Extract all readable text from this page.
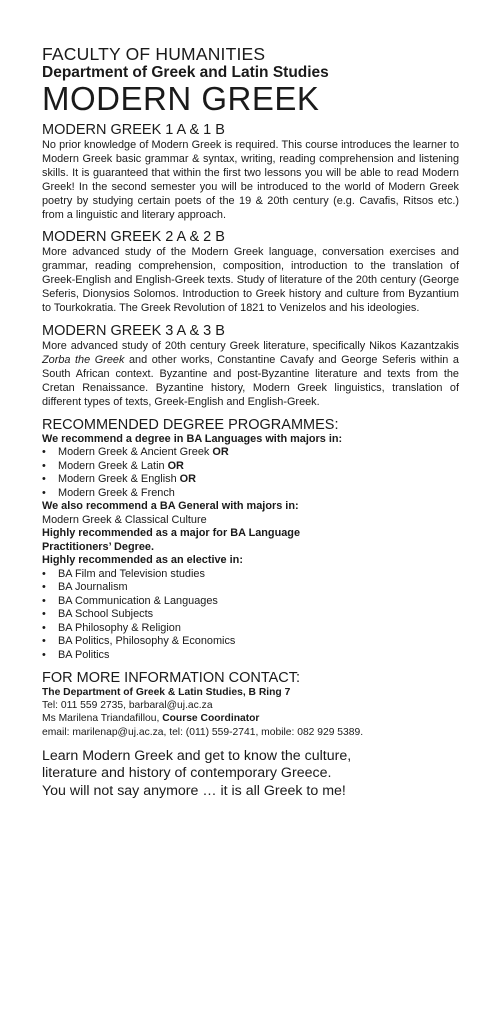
FACULTY OF HUMANITIES
Department of Greek and Latin Studies
MODERN GREEK
MODERN GREEK 1 A & 1 B

No prior knowledge of Modern Greek is required. This course introduces the learner to Modern Greek basic grammar & syntax, writing, reading comprehension and listening skills. It is guaranteed that within the first two lessons you will be able to read Modern Greek! In the second semester you will be introduced to the world of Modern Greek poetry by studying certain poets of the 19 & 20th century (e.g. Cavafis, Ritsos etc.) from a linguistic and literary approach.

MODERN GREEK 2 A & 2 B

More advanced study of the Modern Greek language, conversation exercises and grammar, reading comprehension, composition, introduction to the translation of Greek-English and English-Greek texts. Study of literature of the 20th century (George Seferis, Dionysios Solomos. Introduction to Greek history and culture from Byzantium to Tourkokratia. The Greek Revolution of 1821 to Venizelos and his ideologies.

MODERN GREEK 3 A & 3 B

More advanced study of 20th century Greek literature, specifically Nikos Kazantzakis Zorba the Greek and other works, Constantine Cavafy and George Seferis within a South African context. Byzantine and post-Byzantine literature and texts from the Cretan Renaissance. Byzantine history, Modern Greek linguistics, translation of different types of texts, Greek-English and English-Greek.

RECOMMENDED DEGREE PROGRAMMES:
We recommend a degree in BA Languages with majors in:
• Modern Greek & Ancient Greek OR
• Modern Greek & Latin OR
• Modern Greek & English OR
• Modern Greek & French
We also recommend a BA General with majors in:
Modern Greek & Classical Culture
Highly recommended as a major for BA Language
Practitioners’ Degree.
Highly recommended as an elective in:
• BA Film and Television studies
• BA Journalism
• BA Communication & Languages
• BA School Subjects
• BA Philosophy & Religion
• BA Politics, Philosophy & Economics
• BA Politics
FOR MORE INFORMATION CONTACT:
The Department of Greek & Latin Studies, B Ring 7
Tel: 011 559 2735, barbaral@uj.ac.za
Ms Marilena Triandafillou, Course Coordinator
email: marilenap@uj.ac.za, tel: (011) 559-2741, mobile: 082 929 5389.
Learn Modern Greek and get to know the culture,
literature and history of contemporary Greece.
You will not say anymore … it is all Greek to me!
